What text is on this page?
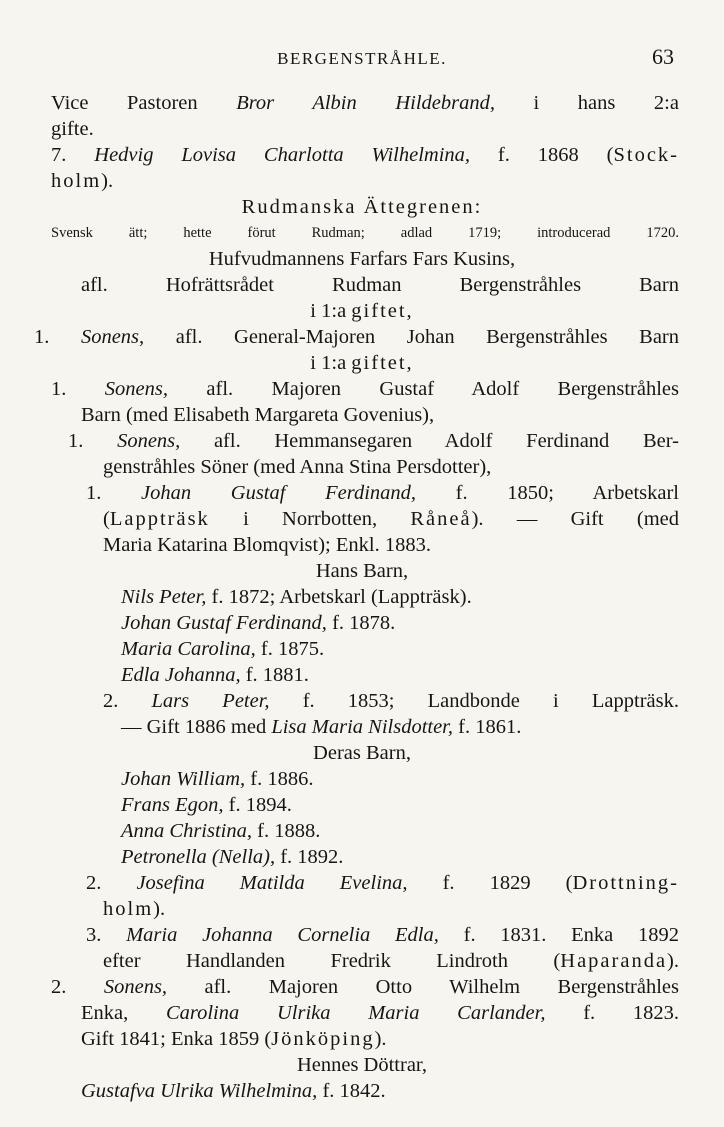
BERGENSTRÅHLE.	63
Vice Pastoren Bror Albin Hildebrand, i hans 2:a
gifte.
7. Hedvig Lovisa Charlotta Wilhelmina, f. 1868 (Stock-
holm).
Rudmanska Ättegrenen:
Svensk ätt; hette förut Rudman; adlad 1719; introducerad 1720.
Hufvudmannens Farfars Fars Kusins,
afl. Hofrättsrådet Rudman Bergenstråhles Barn
i 1:a giftet,
1. Sonens, afl. General-Majoren Johan Bergenstråhles Barn
i 1:a giftet,
1. Sonens, afl. Majoren Gustaf Adolf Bergenstråhles
Barn (med Elisabeth Margareta Govenius),
1. Sonens, afl. Hemmansegaren Adolf Ferdinand Ber-
genstråhles Söner (med Anna Stina Persdotter),
1. Johan Gustaf Ferdinand, f. 1850; Arbetskarl
(Lappträsk i Norrbotten, Råneå). — Gift (med
Maria Katarina Blomqvist); Enkl. 1883.
Hans Barn,
Nils Peter, f. 1872; Arbetskarl (Lappträsk).
Johan Gustaf Ferdinand, f. 1878.
Maria Carolina, f. 1875.
Edla Johanna, f. 1881.
2. Lars Peter, f. 1853; Landbonde i Lappträsk.
— Gift 1886 med Lisa Maria Nilsdotter, f. 1861.
Deras Barn,
Johan William, f. 1886.
Frans Egon, f. 1894.
Anna Christina, f. 1888.
Petronella (Nella), f. 1892.
2. Josefina Matilda Evelina, f. 1829 (Drottning-
holm).
3. Maria Johanna Cornelia Edla, f. 1831. Enka 1892
efter Handlanden Fredrik Lindroth (Haparanda).
2. Sonens, afl. Majoren Otto Wilhelm Bergenstråhles
Enka, Carolina Ulrika Maria Carlander, f. 1823.
Gift 1841; Enka 1859 (Jönköping).
Hennes Döttrar,
Gustafva Ulrika Wilhelmina, f. 1842.
